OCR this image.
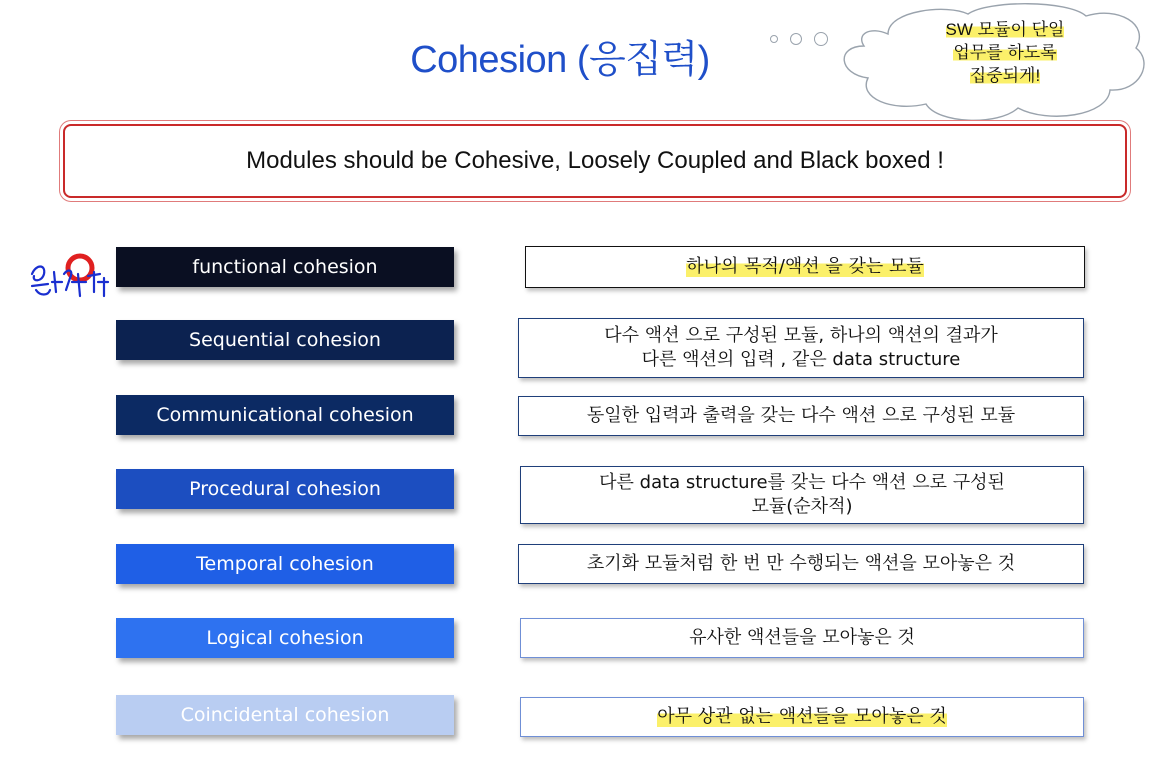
Cohesion (응집력)
SW 모듈이 단일
업무를 하도록
집중되게!
Modules should be Cohesive, Loosely Coupled and Black boxed !
functional cohesion	하나의 목적/액션 을 갖는 모듈
Sequential cohesion	다수 액션 으로 구성된 모듈, 하나의 액션의 결과가
다른 액션의 입력 , 같은 data structure
Communicational cohesion	동일한 입력과 출력을 갖는 다수 액션 으로 구성된 모듈
Procedural cohesion	다른 data structure를 갖는 다수 액션 으로 구성된
모듈(순차적)
Temporal cohesion	초기화 모듈처럼 한 번 만 수행되는 액션을 모아놓은 것
Logical cohesion	유사한 액션들을 모아놓은 것
Coincidental cohesion	아무 상관 없는 액션들을 모아놓은 것
